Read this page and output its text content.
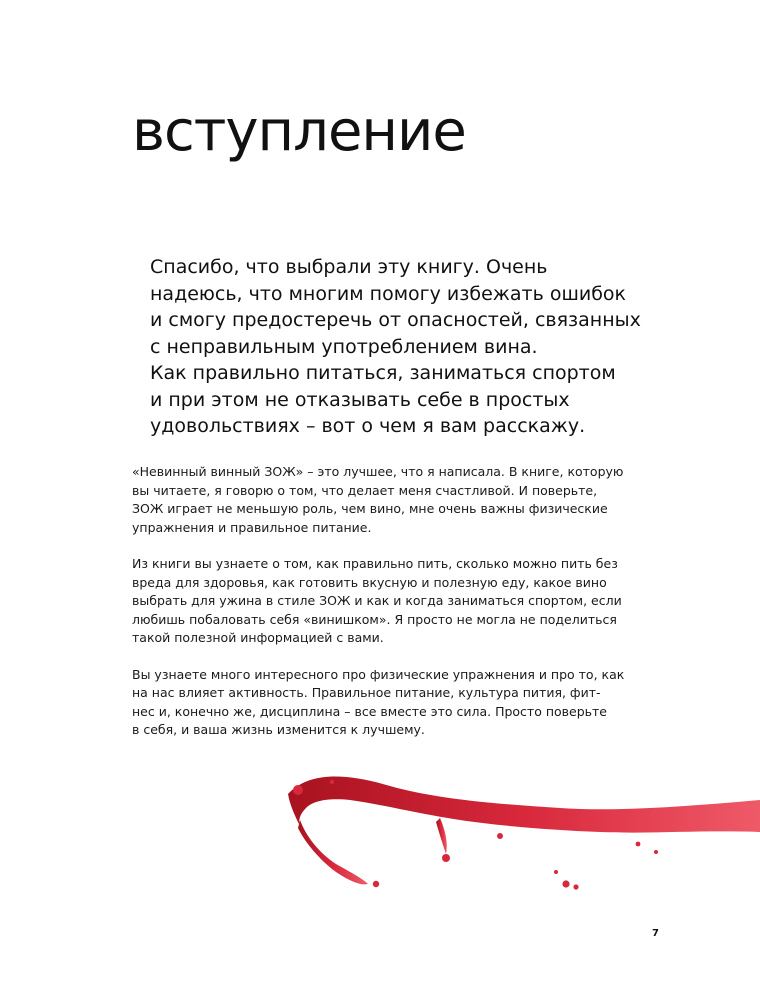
вступление
Спасибо, что выбрали эту книгу. Очень
надеюсь, что многим помогу избежать ошибок
и смогу предостеречь от опасностей, связанных
с неправильным употреблением вина.
Как правильно питаться, заниматься спортом
и при этом не отказывать себе в простых
удовольствиях – вот о чем я вам расскажу.

«Невинный винный ЗОЖ» – это лучшее, что я написала. В книге, которую
вы читаете, я говорю о том, что делает меня счастливой. И поверьте,
ЗОЖ играет не меньшую роль, чем вино, мне очень важны физические
упражнения и правильное питание.

Из книги вы узнаете о том, как правильно пить, сколько можно пить без
вреда для здоровья, как готовить вкусную и полезную еду, какое вино
выбрать для ужина в стиле ЗОЖ и как и когда заниматься спортом, если
любишь побаловать себя «винишком». Я просто не могла не поделиться
такой полезной информацией с вами.

Вы узнаете много интересного про физические упражнения и про то, как
на нас влияет активность. Правильное питание, культура пития, фит-
нес и, конечно же, дисциплина – все вместе это сила. Просто поверьте
в себя, и ваша жизнь изменится к лучшему.

7
